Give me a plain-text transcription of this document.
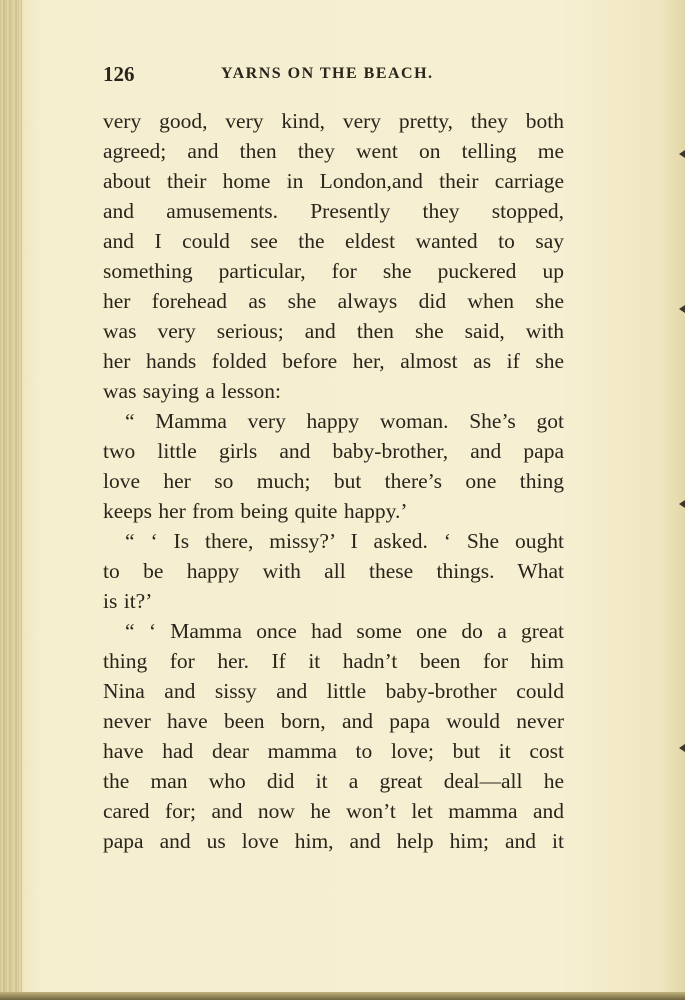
126	YARNS ON THE BEACH.
very good, very kind, very pretty, they both
agreed; and then they went on telling me
about their home in London,and their carriage
and amusements. Presently they stopped,
and I could see the eldest wanted to say
something particular, for she puckered up
her forehead as she always did when she
was very serious; and then she said, with
her hands folded before her, almost as if she
was saying a lesson:
“ Mamma very happy woman. She’s got
two little girls and baby-brother, and papa
love her so much; but there’s one thing
keeps her from being quite happy.’
“ ‘ Is there, missy?’ I asked. ‘ She ought
to be happy with all these things. What
is it?’
“ ‘ Mamma once had some one do a great
thing for her. If it hadn’t been for him
Nina and sissy and little baby-brother could
never have been born, and papa would never
have had dear mamma to love; but it cost
the man who did it a great deal—all he
cared for; and now he won’t let mamma and
papa and us love him, and help him; and it
